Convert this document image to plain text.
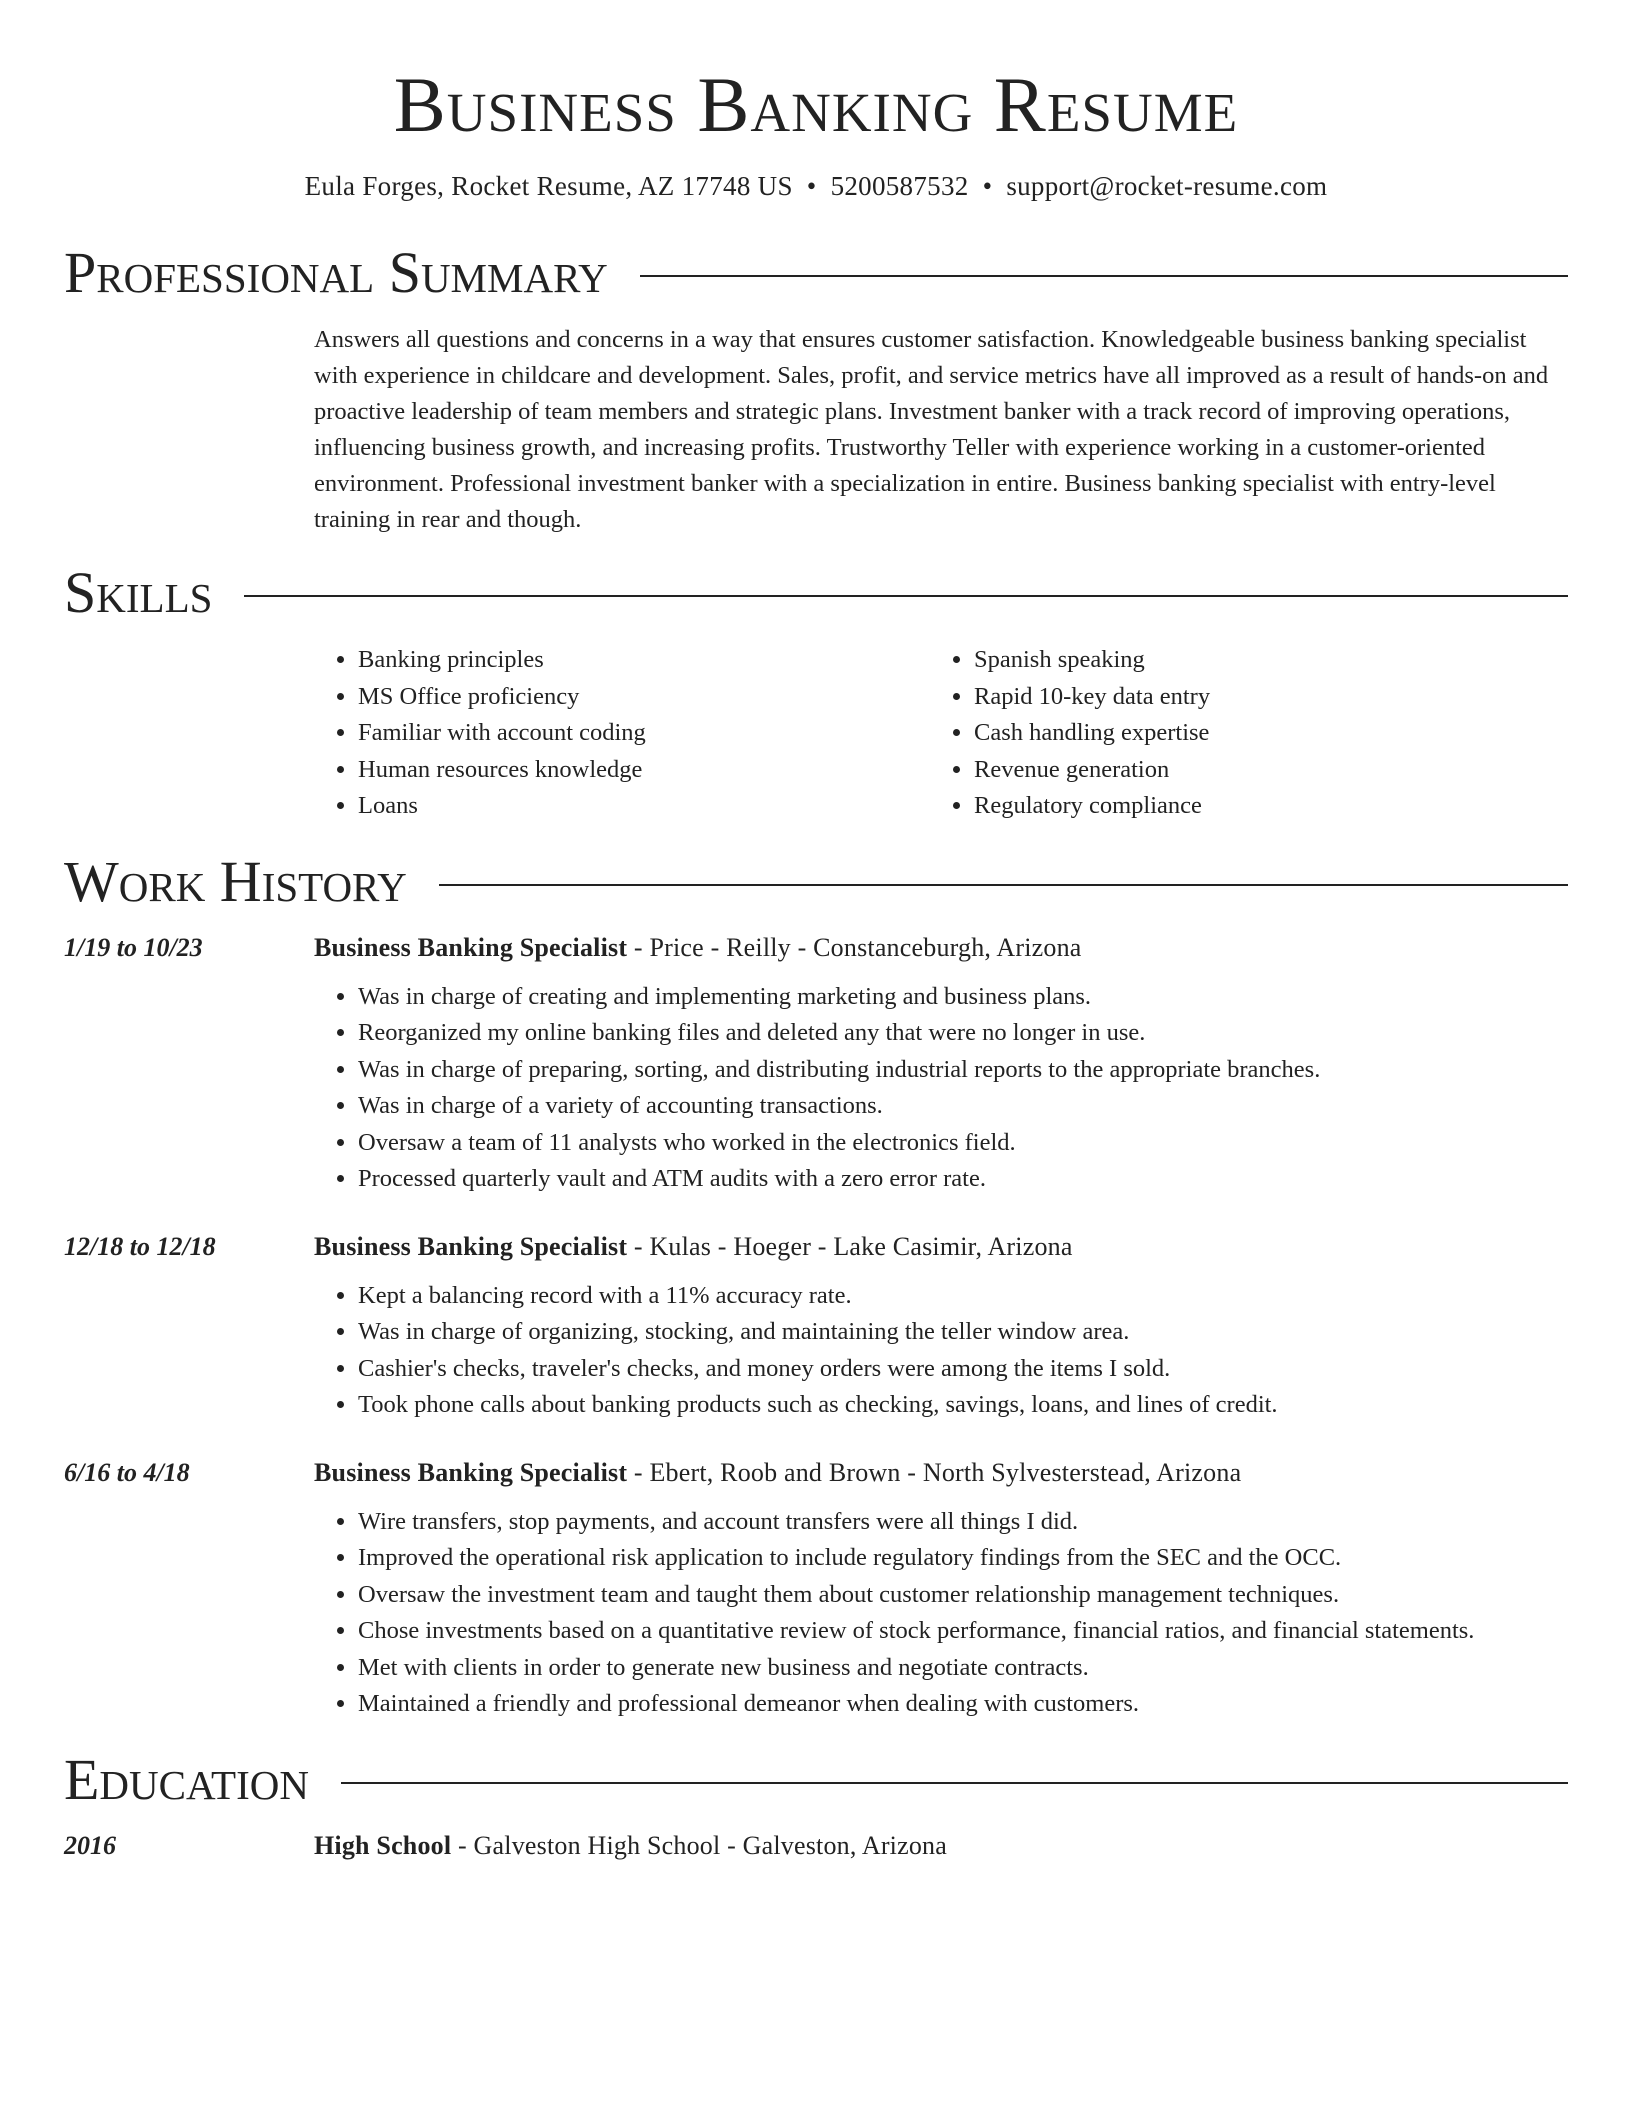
Business Banking Resume
Eula Forges, Rocket Resume, AZ 17748 US • 5200587532 • support@rocket-resume.com
Professional Summary

Answers all questions and concerns in a way that ensures customer satisfaction. Knowledgeable business banking specialist with experience in childcare and development. Sales, profit, and service metrics have all improved as a result of hands-on and proactive leadership of team members and strategic plans. Investment banker with a track record of improving operations, influencing business growth, and increasing profits. Trustworthy Teller with experience working in a customer-oriented environment. Professional investment banker with a specialization in entire. Business banking specialist with entry-level training in rear and though.

Skills
• Banking principles
• MS Office proficiency
• Familiar with account coding
• Human resources knowledge
• Loans
• Spanish speaking
• Rapid 10-key data entry
• Cash handling expertise
• Revenue generation
• Regulatory compliance
Work History
1/19 to 10/23	Business Banking Specialist - Price - Reilly - Constanceburgh, Arizona
• Was in charge of creating and implementing marketing and business plans.
• Reorganized my online banking files and deleted any that were no longer in use.
• Was in charge of preparing, sorting, and distributing industrial reports to the appropriate branches.
• Was in charge of a variety of accounting transactions.
• Oversaw a team of 11 analysts who worked in the electronics field.
• Processed quarterly vault and ATM audits with a zero error rate.
12/18 to 12/18	Business Banking Specialist - Kulas - Hoeger - Lake Casimir, Arizona
• Kept a balancing record with a 11% accuracy rate.
• Was in charge of organizing, stocking, and maintaining the teller window area.
• Cashier's checks, traveler's checks, and money orders were among the items I sold.
• Took phone calls about banking products such as checking, savings, loans, and lines of credit.
6/16 to 4/18	Business Banking Specialist - Ebert, Roob and Brown - North Sylvesterstead, Arizona
• Wire transfers, stop payments, and account transfers were all things I did.
• Improved the operational risk application to include regulatory findings from the SEC and the OCC.
• Oversaw the investment team and taught them about customer relationship management techniques.
• Chose investments based on a quantitative review of stock performance, financial ratios, and financial statements.
• Met with clients in order to generate new business and negotiate contracts.
• Maintained a friendly and professional demeanor when dealing with customers.
Education
2016	High School - Galveston High School - Galveston, Arizona
